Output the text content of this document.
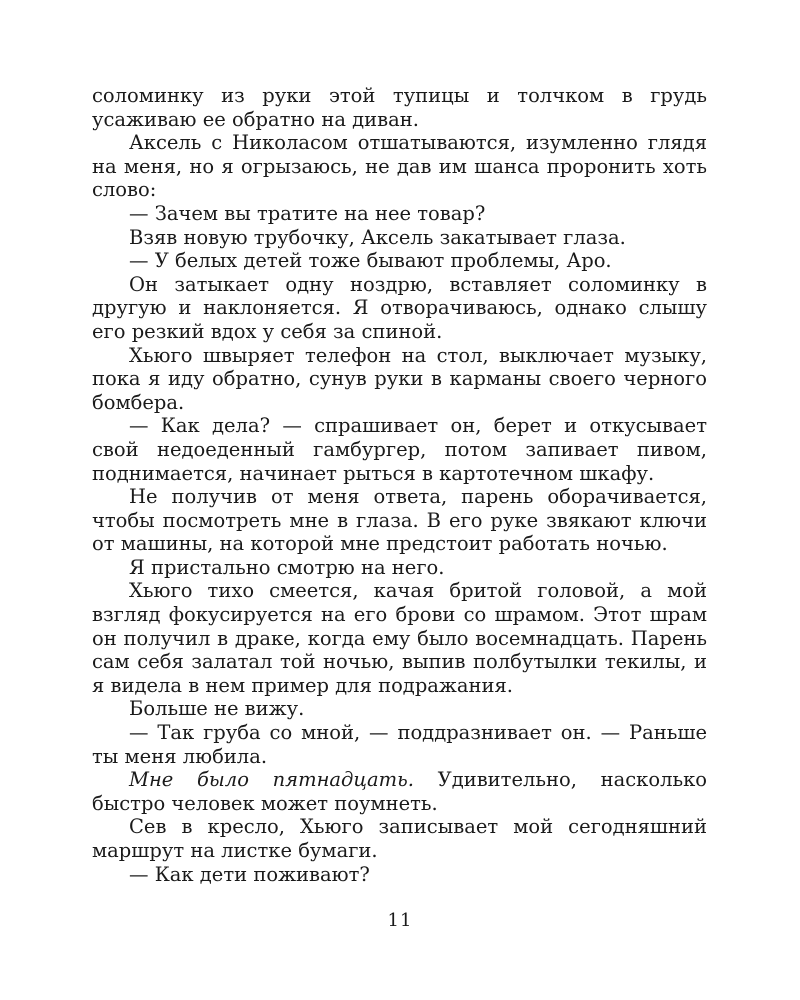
соломинку из руки этой тупицы и толчком в грудь усаживаю ее обратно на диван.

Аксель с Николасом отшатываются, изумленно глядя на меня, но я огрызаюсь, не дав им шанса проронить хоть слово:

— Зачем вы тратите на нее товар?

Взяв новую трубочку, Аксель закатывает глаза.

— У белых детей тоже бывают проблемы, Аро.

Он затыкает одну ноздрю, вставляет соломинку в другую и наклоняется. Я отворачиваюсь, однако слышу его резкий вдох у себя за спиной.

Хьюго швыряет телефон на стол, выключает музыку, пока я иду обратно, сунув руки в карманы своего черного бомбера.

— Как дела? — спрашивает он, берет и откусывает свой недоеденный гамбургер, потом запивает пивом, поднимается, начинает рыться в картотечном шкафу.

Не получив от меня ответа, парень оборачивается, чтобы посмотреть мне в глаза. В его руке звякают ключи от машины, на которой мне предстоит работать ночью.

Я пристально смотрю на него.

Хьюго тихо смеется, качая бритой головой, а мой взгляд фокусируется на его брови со шрамом. Этот шрам он получил в драке, когда ему было восемнадцать. Парень сам себя залатал той ночью, выпив полбутылки текилы, и я видела в нем пример для подражания.

Больше не вижу.

— Так груба со мной, — поддразнивает он. — Раньше ты меня любила.

Мне было пятнадцать. Удивительно, насколько быстро человек может поумнеть.

Сев в кресло, Хьюго записывает мой сегодняшний маршрут на листке бумаги.

— Как дети поживают?

11
